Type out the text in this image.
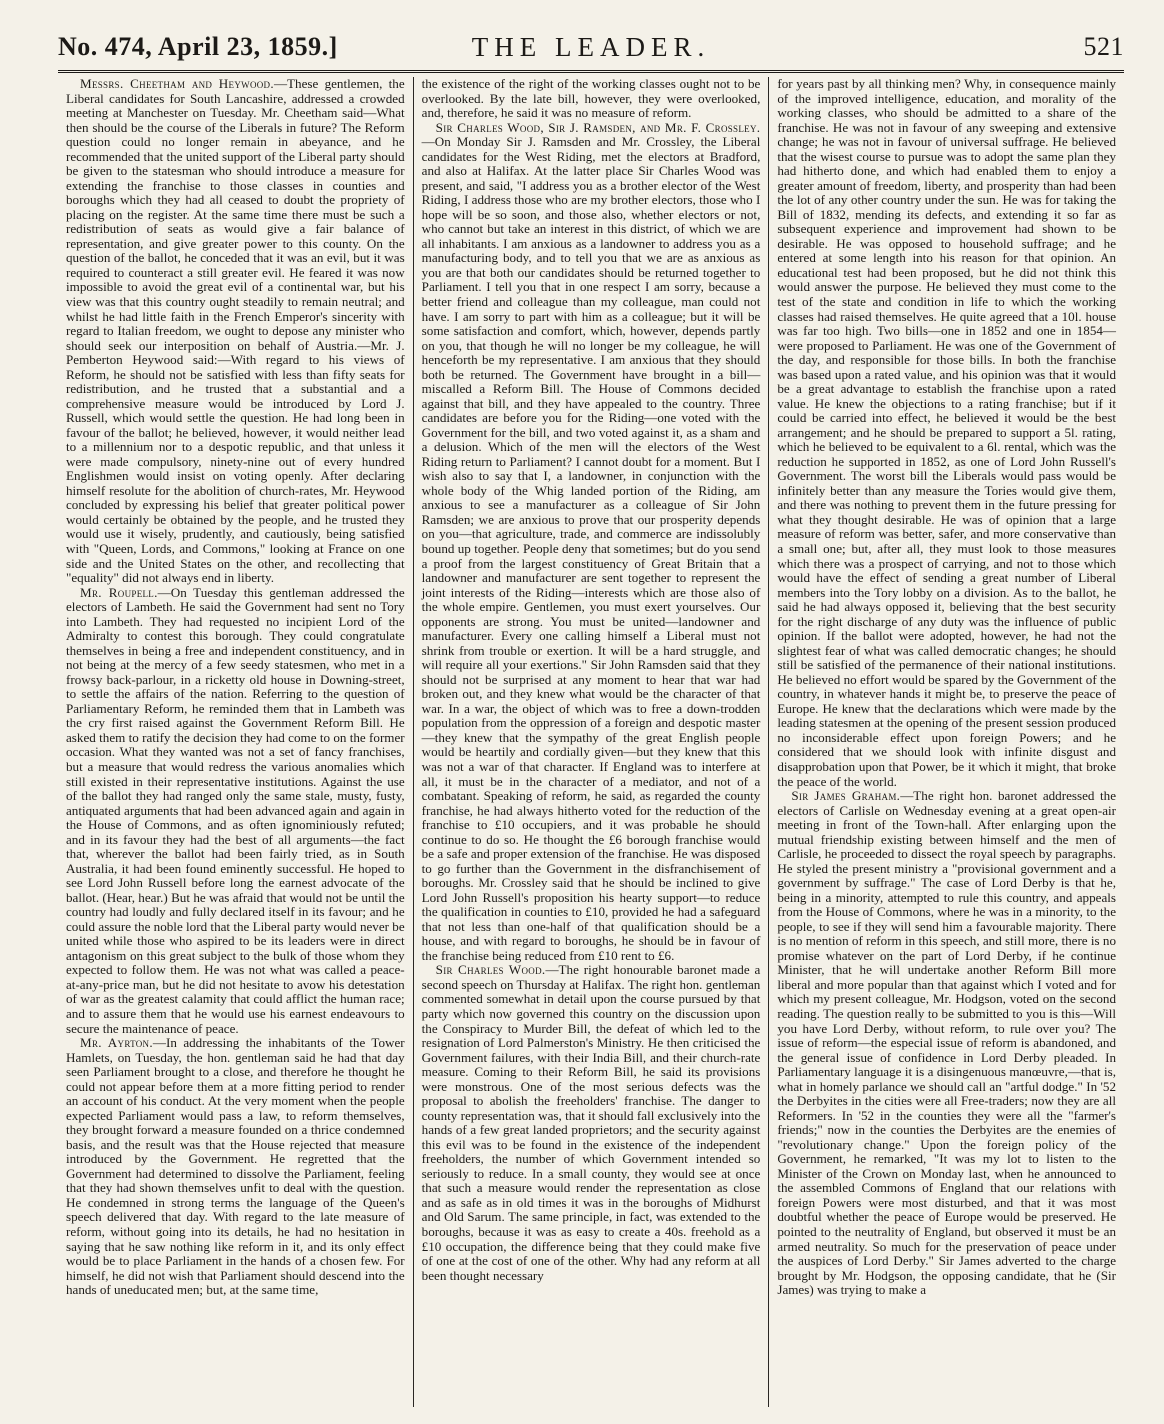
No. 474, April 23, 1859.]	THE LEADER.	521

Messrs. Cheetham and Heywood.—These gentlemen, the Liberal candidates for South Lancashire, addressed a crowded meeting at Manchester on Tuesday. Mr. Cheetham said—What then should be the course of the Liberals in future? The Reform question could no longer remain in abeyance, and he recommended that the united support of the Liberal party should be given to the statesman who should introduce a measure for extending the franchise to those classes in counties and boroughs which they had all ceased to doubt the propriety of placing on the register. At the same time there must be such a redistribution of seats as would give a fair balance of representation, and give greater power to this county. On the question of the ballot, he conceded that it was an evil, but it was required to counteract a still greater evil. He feared it was now impossible to avoid the great evil of a continental war, but his view was that this country ought steadily to remain neutral; and whilst he had little faith in the French Emperor's sincerity with regard to Italian freedom, we ought to depose any minister who should seek our interposition on behalf of Austria.—Mr. J. Pemberton Heywood said:—With regard to his views of Reform, he should not be satisfied with less than fifty seats for redistribution, and he trusted that a substantial and a comprehensive measure would be introduced by Lord J. Russell, which would settle the question. He had long been in favour of the ballot; he believed, however, it would neither lead to a millennium nor to a despotic republic, and that unless it were made compulsory, ninety-nine out of every hundred Englishmen would insist on voting openly. After declaring himself resolute for the abolition of church-rates, Mr. Heywood concluded by expressing his belief that greater political power would certainly be obtained by the people, and he trusted they would use it wisely, prudently, and cautiously, being satisfied with "Queen, Lords, and Commons," looking at France on one side and the United States on the other, and recollecting that "equality" did not always end in liberty.

Mr. Roupell.—On Tuesday this gentleman addressed the electors of Lambeth. He said the Government had sent no Tory into Lambeth. They had requested no incipient Lord of the Admiralty to contest this borough. They could congratulate themselves in being a free and independent constituency, and in not being at the mercy of a few seedy statesmen, who met in a frowsy back-parlour, in a ricketty old house in Downing-street, to settle the affairs of the nation. Referring to the question of Parliamentary Reform, he reminded them that in Lambeth was the cry first raised against the Government Reform Bill. He asked them to ratify the decision they had come to on the former occasion. What they wanted was not a set of fancy franchises, but a measure that would redress the various anomalies which still existed in their representative institutions. Against the use of the ballot they had ranged only the same stale, musty, fusty, antiquated arguments that had been advanced again and again in the House of Commons, and as often ignominiously refuted; and in its favour they had the best of all arguments—the fact that, wherever the ballot had been fairly tried, as in South Australia, it had been found eminently successful. He hoped to see Lord John Russell before long the earnest advocate of the ballot. (Hear, hear.) But he was afraid that would not be until the country had loudly and fully declared itself in its favour; and he could assure the noble lord that the Liberal party would never be united while those who aspired to be its leaders were in direct antagonism on this great subject to the bulk of those whom they expected to follow them. He was not what was called a peace-at-any-price man, but he did not hesitate to avow his detestation of war as the greatest calamity that could afflict the human race; and to assure them that he would use his earnest endeavours to secure the maintenance of peace.

Mr. Ayrton.—In addressing the inhabitants of the Tower Hamlets, on Tuesday, the hon. gentleman said he had that day seen Parliament brought to a close, and therefore he thought he could not appear before them at a more fitting period to render an account of his conduct. At the very moment when the people expected Parliament would pass a law, to reform themselves, they brought forward a measure founded on a thrice condemned basis, and the result was that the House rejected that measure introduced by the Government. He regretted that the Government had determined to dissolve the Parliament, feeling that they had shown themselves unfit to deal with the question. He condemned in strong terms the language of the Queen's speech delivered that day. With regard to the late measure of reform, without going into its details, he had no hesitation in saying that he saw nothing like reform in it, and its only effect would be to place Parliament in the hands of a chosen few. For himself, he did not wish that Parliament should descend into the hands of uneducated men; but, at the same time,

the existence of the right of the working classes ought not to be overlooked. By the late bill, however, they were overlooked, and, therefore, he said it was no measure of reform.

Sir Charles Wood, Sir J. Ramsden, and Mr. F. Crossley.—On Monday Sir J. Ramsden and Mr. Crossley, the Liberal candidates for the West Riding, met the electors at Bradford, and also at Halifax. At the latter place Sir Charles Wood was present, and said, "I address you as a brother elector of the West Riding, I address those who are my brother electors, those who I hope will be so soon, and those also, whether electors or not, who cannot but take an interest in this district, of which we are all inhabitants. I am anxious as a landowner to address you as a manufacturing body, and to tell you that we are as anxious as you are that both our candidates should be returned together to Parliament. I tell you that in one respect I am sorry, because a better friend and colleague than my colleague, man could not have. I am sorry to part with him as a colleague; but it will be some satisfaction and comfort, which, however, depends partly on you, that though he will no longer be my colleague, he will henceforth be my representative. I am anxious that they should both be returned. The Government have brought in a bill—miscalled a Reform Bill. The House of Commons decided against that bill, and they have appealed to the country. Three candidates are before you for the Riding—one voted with the Government for the bill, and two voted against it, as a sham and a delusion. Which of the men will the electors of the West Riding return to Parliament? I cannot doubt for a moment. But I wish also to say that I, a landowner, in conjunction with the whole body of the Whig landed portion of the Riding, am anxious to see a manufacturer as a colleague of Sir John Ramsden; we are anxious to prove that our prosperity depends on you—that agriculture, trade, and commerce are indissolubly bound up together. People deny that sometimes; but do you send a proof from the largest constituency of Great Britain that a landowner and manufacturer are sent together to represent the joint interests of the Riding—interests which are those also of the whole empire. Gentlemen, you must exert yourselves. Our opponents are strong. You must be united—landowner and manufacturer. Every one calling himself a Liberal must not shrink from trouble or exertion. It will be a hard struggle, and will require all your exertions." Sir John Ramsden said that they should not be surprised at any moment to hear that war had broken out, and they knew what would be the character of that war. In a war, the object of which was to free a down-trodden population from the oppression of a foreign and despotic master—they knew that the sympathy of the great English people would be heartily and cordially given—but they knew that this was not a war of that character. If England was to interfere at all, it must be in the character of a mediator, and not of a combatant. Speaking of reform, he said, as regarded the county franchise, he had always hitherto voted for the reduction of the franchise to £10 occupiers, and it was probable he should continue to do so. He thought the £6 borough franchise would be a safe and proper extension of the franchise. He was disposed to go further than the Government in the disfranchisement of boroughs. Mr. Crossley said that he should be inclined to give Lord John Russell's proposition his hearty support—to reduce the qualification in counties to £10, provided he had a safeguard that not less than one-half of that qualification should be a house, and with regard to boroughs, he should be in favour of the franchise being reduced from £10 rent to £6.

Sir Charles Wood.—The right honourable baronet made a second speech on Thursday at Halifax. The right hon. gentleman commented somewhat in detail upon the course pursued by that party which now governed this country on the discussion upon the Conspiracy to Murder Bill, the defeat of which led to the resignation of Lord Palmerston's Ministry. He then criticised the Government failures, with their India Bill, and their church-rate measure. Coming to their Reform Bill, he said its provisions were monstrous. One of the most serious defects was the proposal to abolish the freeholders' franchise. The danger to county representation was, that it should fall exclusively into the hands of a few great landed proprietors; and the security against this evil was to be found in the existence of the independent freeholders, the number of which Government intended so seriously to reduce. In a small county, they would see at once that such a measure would render the representation as close and as safe as in old times it was in the boroughs of Midhurst and Old Sarum. The same principle, in fact, was extended to the boroughs, because it was as easy to create a 40s. freehold as a £10 occupation, the difference being that they could make five of one at the cost of one of the other. Why had any reform at all been thought necessary

for years past by all thinking men? Why, in consequence mainly of the improved intelligence, education, and morality of the working classes, who should be admitted to a share of the franchise. He was not in favour of any sweeping and extensive change; he was not in favour of universal suffrage. He believed that the wisest course to pursue was to adopt the same plan they had hitherto done, and which had enabled them to enjoy a greater amount of freedom, liberty, and prosperity than had been the lot of any other country under the sun. He was for taking the Bill of 1832, mending its defects, and extending it so far as subsequent experience and improvement had shown to be desirable. He was opposed to household suffrage; and he entered at some length into his reason for that opinion. An educational test had been proposed, but he did not think this would answer the purpose. He believed they must come to the test of the state and condition in life to which the working classes had raised themselves. He quite agreed that a 10l. house was far too high. Two bills—one in 1852 and one in 1854—were proposed to Parliament. He was one of the Government of the day, and responsible for those bills. In both the franchise was based upon a rated value, and his opinion was that it would be a great advantage to establish the franchise upon a rated value. He knew the objections to a rating franchise; but if it could be carried into effect, he believed it would be the best arrangement; and he should be prepared to support a 5l. rating, which he believed to be equivalent to a 6l. rental, which was the reduction he supported in 1852, as one of Lord John Russell's Government. The worst bill the Liberals would pass would be infinitely better than any measure the Tories would give them, and there was nothing to prevent them in the future pressing for what they thought desirable. He was of opinion that a large measure of reform was better, safer, and more conservative than a small one; but, after all, they must look to those measures which there was a prospect of carrying, and not to those which would have the effect of sending a great number of Liberal members into the Tory lobby on a division. As to the ballot, he said he had always opposed it, believing that the best security for the right discharge of any duty was the influence of public opinion. If the ballot were adopted, however, he had not the slightest fear of what was called democratic changes; he should still be satisfied of the permanence of their national institutions. He believed no effort would be spared by the Government of the country, in whatever hands it might be, to preserve the peace of Europe. He knew that the declarations which were made by the leading statesmen at the opening of the present session produced no inconsiderable effect upon foreign Powers; and he considered that we should look with infinite disgust and disapprobation upon that Power, be it which it might, that broke the peace of the world.

Sir James Graham.—The right hon. baronet addressed the electors of Carlisle on Wednesday evening at a great open-air meeting in front of the Town-hall. After enlarging upon the mutual friendship existing between himself and the men of Carlisle, he proceeded to dissect the royal speech by paragraphs. He styled the present ministry a "provisional government and a government by suffrage." The case of Lord Derby is that he, being in a minority, attempted to rule this country, and appeals from the House of Commons, where he was in a minority, to the people, to see if they will send him a favourable majority. There is no mention of reform in this speech, and still more, there is no promise whatever on the part of Lord Derby, if he continue Minister, that he will undertake another Reform Bill more liberal and more popular than that against which I voted and for which my present colleague, Mr. Hodgson, voted on the second reading. The question really to be submitted to you is this—Will you have Lord Derby, without reform, to rule over you? The issue of reform—the especial issue of reform is abandoned, and the general issue of confidence in Lord Derby pleaded. In Parliamentary language it is a disingenuous manœuvre,—that is, what in homely parlance we should call an "artful dodge." In '52 the Derbyites in the cities were all Free-traders; now they are all Reformers. In '52 in the counties they were all the "farmer's friends;" now in the counties the Derbyites are the enemies of "revolutionary change." Upon the foreign policy of the Government, he remarked, "It was my lot to listen to the Minister of the Crown on Monday last, when he announced to the assembled Commons of England that our relations with foreign Powers were most disturbed, and that it was most doubtful whether the peace of Europe would be preserved. He pointed to the neutrality of England, but observed it must be an armed neutrality. So much for the preservation of peace under the auspices of Lord Derby." Sir James adverted to the charge brought by Mr. Hodgson, the opposing candidate, that he (Sir James) was trying to make a
